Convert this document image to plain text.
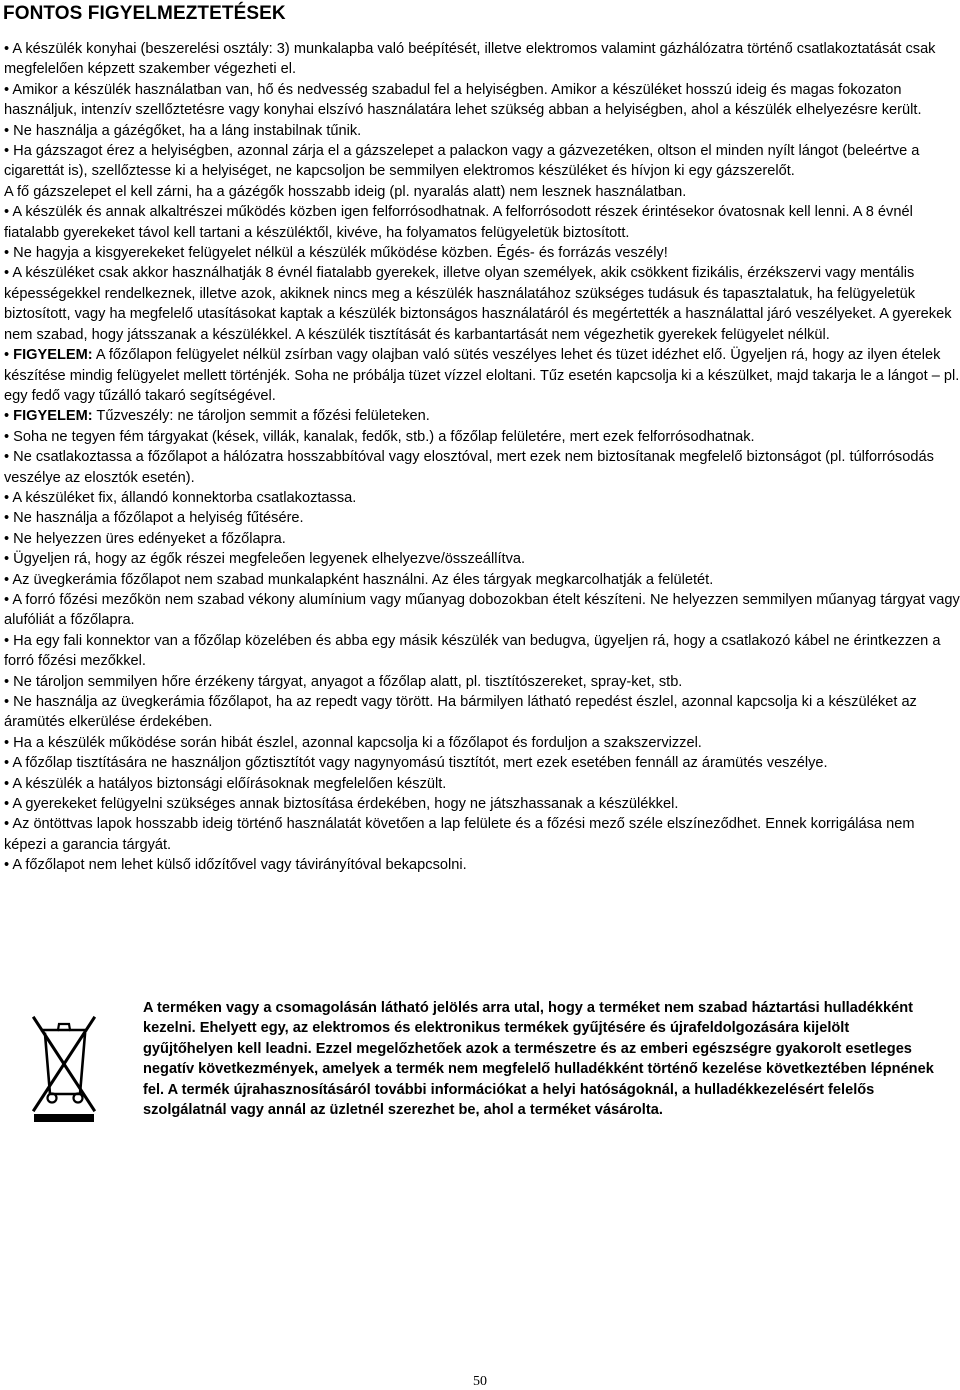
FONTOS FIGYELMEZTETÉSEK

• A készülék konyhai (beszerelési osztály: 3) munkalapba való beépítését, illetve elektromos valamint gázhálózatra történő csatlakoztatását csak megfelelően képzett szakember végezheti el.

• Amikor a készülék használatban van, hő és nedvesség szabadul fel a helyiségben. Amikor a készüléket hosszú ideig és magas fokozaton használjuk, intenzív szellőztetésre vagy konyhai elszívó használatára lehet szükség abban a helyiségben, ahol a készülék elhelyezésre került.

• Ne használja a gázégőket, ha a láng instabilnak tűnik.

• Ha gázszagot érez a helyiségben, azonnal zárja el a gázszelepet a palackon vagy a gázvezetéken, oltson el minden nyílt lángot (beleértve a cigarettát is), szellőztesse ki a helyiséget, ne kapcsoljon be semmilyen elektromos készüléket és hívjon ki egy gázszerelőt.

A fő gázszelepet el kell zárni, ha a gázégők hosszabb ideig (pl. nyaralás alatt) nem lesznek használatban.

• A készülék és annak alkaltrészei működés közben igen felforrósodhatnak. A felforrósodott részek érintésekor óvatosnak kell lenni. A 8 évnél fiatalabb gyerekeket távol kell tartani a készüléktől, kivéve, ha folyamatos felügyeletük biztosított.

• Ne hagyja a kisgyerekeket felügyelet nélkül a készülék működése közben. Égés- és forrázás veszély!

• A készüléket csak akkor használhatják 8 évnél fiatalabb gyerekek, illetve olyan személyek, akik csökkent fizikális, érzékszervi vagy mentális képességekkel rendelkeznek, illetve azok, akiknek nincs meg a készülék használatához szükséges tudásuk és tapasztalatuk, ha felügyeletük biztosított, vagy ha megfelelő utasításokat kaptak a készülék biztonságos használatáról és megértették a használattal járó veszélyeket. A gyerekek nem szabad, hogy játsszanak a készülékkel. A készülék tisztítását és karbantartását nem végezhetik gyerekek felügyelet nélkül.

• FIGYELEM: A főzőlapon felügyelet nélkül zsírban vagy olajban való sütés veszélyes lehet és tüzet idézhet elő. Ügyeljen rá, hogy az ilyen ételek készítése mindig felügyelet mellett történjék. Soha ne próbálja tüzet vízzel eloltani. Tűz esetén kapcsolja ki a készülket, majd takarja le a lángot – pl. egy fedő vagy tűzálló takaró segítségével.

• FIGYELEM: Tűzveszély: ne tároljon semmit a főzési felületeken.

• Soha ne tegyen fém tárgyakat (kések, villák, kanalak, fedők, stb.) a főzőlap felületére, mert ezek felforrósodhatnak.

• Ne csatlakoztassa a főzőlapot a hálózatra hosszabbítóval vagy elosztóval, mert ezek nem biztosítanak megfelelő biztonságot (pl. túlforrósodás veszélye az elosztók esetén).

• A készüléket fix, állandó konnektorba csatlakoztassa.

• Ne használja a főzőlapot a helyiség fűtésére.

• Ne helyezzen üres edényeket a főzőlapra.

• Ügyeljen rá, hogy az égők részei megfeleően legyenek elhelyezve/összeállítva.

• Az üvegkerámia főzőlapot nem szabad munkalapként használni. Az éles tárgyak megkarcolhatják a felületét.

• A forró főzési mezőkön nem szabad vékony alumínium vagy műanyag dobozokban ételt készíteni. Ne helyezzen semmilyen műanyag tárgyat vagy alufóliát a főzőlapra.

• Ha egy fali konnektor van a főzőlap közelében és abba egy másik készülék van bedugva, ügyeljen rá, hogy a csatlakozó kábel ne érintkezzen a forró főzési mezőkkel.

• Ne tároljon semmilyen hőre érzékeny tárgyat, anyagot a főzőlap alatt, pl. tisztítószereket, spray-ket, stb.

• Ne használja az üvegkerámia főzőlapot, ha az repedt vagy törött. Ha bármilyen látható repedést észlel, azonnal kapcsolja ki a készüléket az áramütés elkerülése érdekében.

• Ha a készülék működése során hibát észlel, azonnal kapcsolja ki a főzőlapot és forduljon a szakszervizzel.

• A főzőlap tisztítására ne használjon gőztisztítót vagy nagynyomású tisztítót, mert ezek esetében fennáll az áramütés veszélye.

• A készülék a hatályos biztonsági előírásoknak megfelelően készült.

• A gyerekeket felügyelni szükséges annak biztosítása érdekében, hogy ne játszhassanak a készülékkel.

• Az öntöttvas lapok hosszabb ideig történő használatát követően a lap felülete és a főzési mező széle elszíneződhet. Ennek korrigálása nem képezi a garancia tárgyát.

• A főzőlapot nem lehet külső időzítővel vagy távirányítóval bekapcsolni.

A terméken vagy a csomagolásán látható jelölés arra utal, hogy a terméket nem szabad háztartási hulladékként kezelni. Ehelyett egy, az elektromos és elektronikus termékek gyűjtésére és újrafeldolgozására kijelölt gyűjtőhelyen kell leadni. Ezzel megelőzhetőek azok a természetre és az emberi egészségre gyakorolt esetleges negatív következmények, amelyek a termék nem megfelelő hulladékként történő kezelése következtében lépnének fel. A termék újrahasznosításáról további információkat a helyi hatóságoknál, a hulladékkezelésért felelős szolgálatnál vagy annál az üzletnél szerezhet be, ahol a terméket vásárolta.
50
